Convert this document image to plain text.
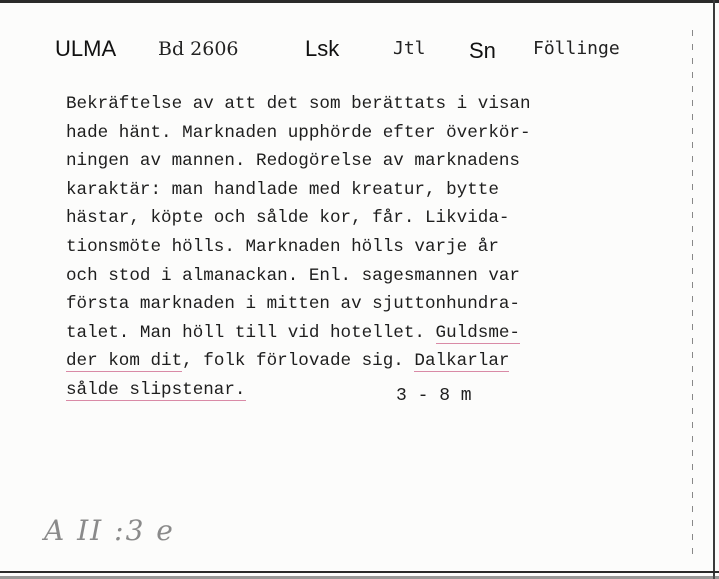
ULMA Bd 2606	Lsk	Jtl Sn Föllinge
Bekräftelse av att det som berättats i visan
hade hänt. Marknaden upphörde efter överkör-
ningen av mannen. Redogörelse av marknadens
karaktär: man handlade med kreatur, bytte
hästar, köpte och sålde kor, får. Likvida-
tionsmöte hölls. Marknaden hölls varje år
och stod i almanackan. Enl. sagesmannen var
första marknaden i mitten av sjuttonhundra-
talet. Man höll till vid hotellet. Guldsme-
der kom dit, folk förlovade sig. Dalkarlar
sålde slipstenar.	3 - 8 m
A II :3 e
